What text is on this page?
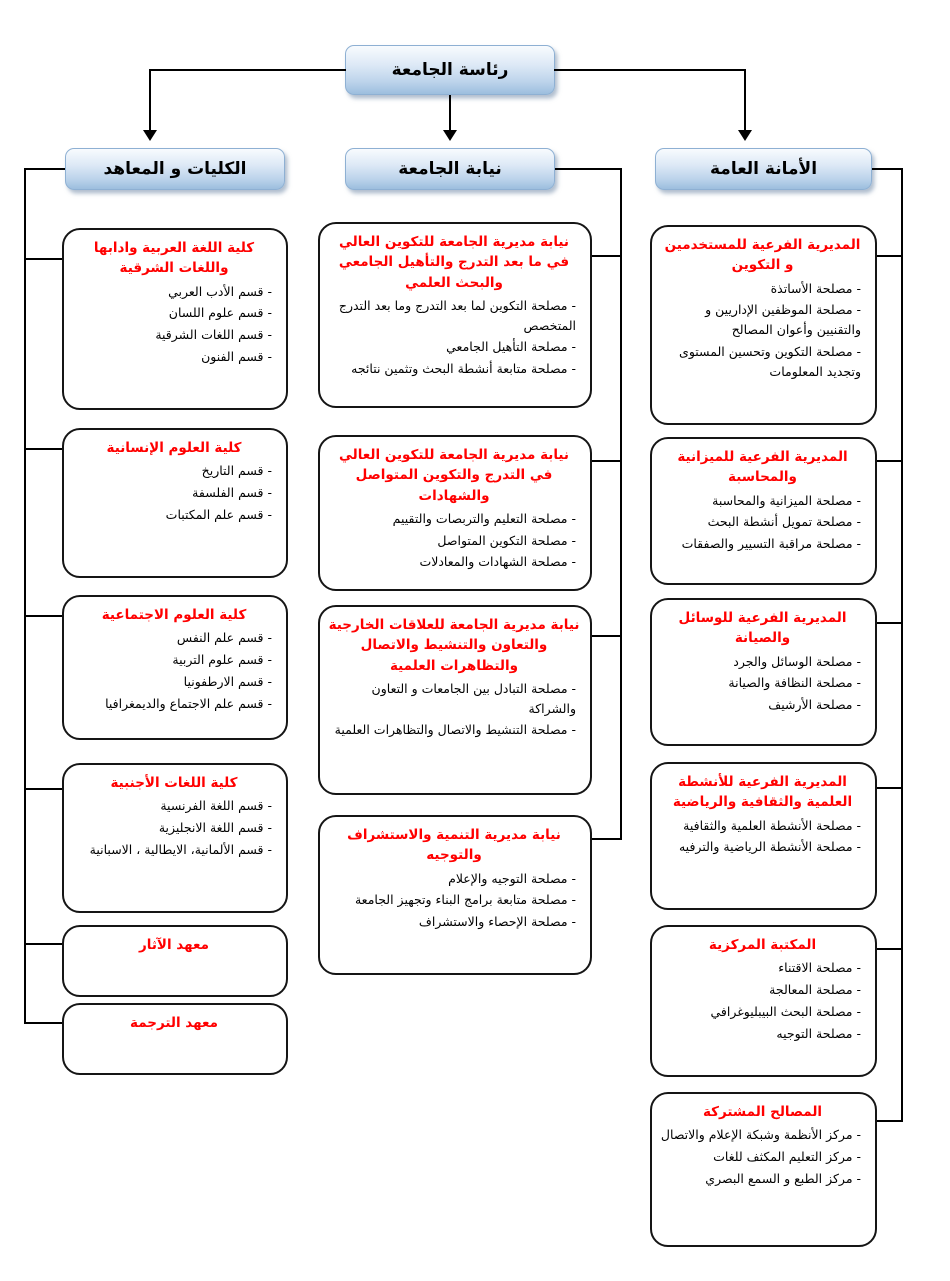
رئاسة الجامعة
الكليات و المعاهد	نيابة الجامعة	الأمانة العامة
كلية اللغة العربية وادابها واللغات الشرقية
- قسم الأدب العربي
- قسم علوم اللسان
- قسم اللغات الشرقية
- قسم الفنون
كلية العلوم الإنسانية
- قسم التاريخ
- قسم الفلسفة
- قسم علم المكتبات
كلية العلوم الاجتماعية
- قسم علم النفس
- قسم علوم التربية
- قسم الارطفونيا
- قسم علم الاجتماع والديمغرافيا
كلية اللغات الأجنبية
- قسم اللغة الفرنسية
- قسم اللغة الانجليزية
- قسم الألمانية، الايطالية ، الاسبانية
معهد الآثار
معهد الترجمة
نيابة مديرية الجامعة للتكوين العالي في ما بعد التدرج والتأهيل الجامعي والبحث العلمي
- مصلحة التكوين لما بعد التدرج وما بعد التدرج المتخصص
- مصلحة التأهيل الجامعي
- مصلحة متابعة أنشطة البحث وتثمين نتائجه
نيابة مديرية الجامعة للتكوين العالي في التدرج والتكوين المتواصل والشهادات
- مصلحة التعليم والتربصات والتقييم
- مصلحة التكوين المتواصل
- مصلحة الشهادات والمعادلات
نيابة مديرية الجامعة للعلاقات الخارجية والتعاون والتنشيط والاتصال والتظاهرات العلمية
- مصلحة التبادل بين الجامعات و التعاون والشراكة
- مصلحة التنشيط والاتصال والتظاهرات العلمية
نيابة مديرية التنمية والاستشراف والتوجيه
- مصلحة التوجيه والإعلام
- مصلحة متابعة برامج البناء وتجهيز الجامعة
- مصلحة الإحصاء والاستشراف
المديرية الفرعية للمستخدمين و التكوين
- مصلحة الأساتذة
- مصلحة الموظفين الإداريين و والتقنيين وأعوان المصالح
- مصلحة التكوين وتحسين المستوى وتجديد المعلومات
المديرية الفرعية للميزانية والمحاسبة
- مصلحة الميزانية والمحاسبة
- مصلحة تمويل أنشطة البحث
- مصلحة مراقبة التسيير والصفقات
المديرية الفرعية للوسائل والصيانة
- مصلحة الوسائل والجرد
- مصلحة النظافة والصيانة
- مصلحة الأرشيف
المديرية الفرعية للأنشطة العلمية والثقافية والرياضية
- مصلحة الأنشطة العلمية والثقافية
- مصلحة الأنشطة الرياضية والترفيه
المكتبة المركزية
- مصلحة الاقتناء
- مصلحة المعالجة
- مصلحة البحث البيبليوغرافي
- مصلحة التوجيه
المصالح المشتركة
- مركز الأنظمة وشبكة الإعلام والاتصال
- مركز التعليم المكثف للغات
- مركز الطبع و السمع البصري
